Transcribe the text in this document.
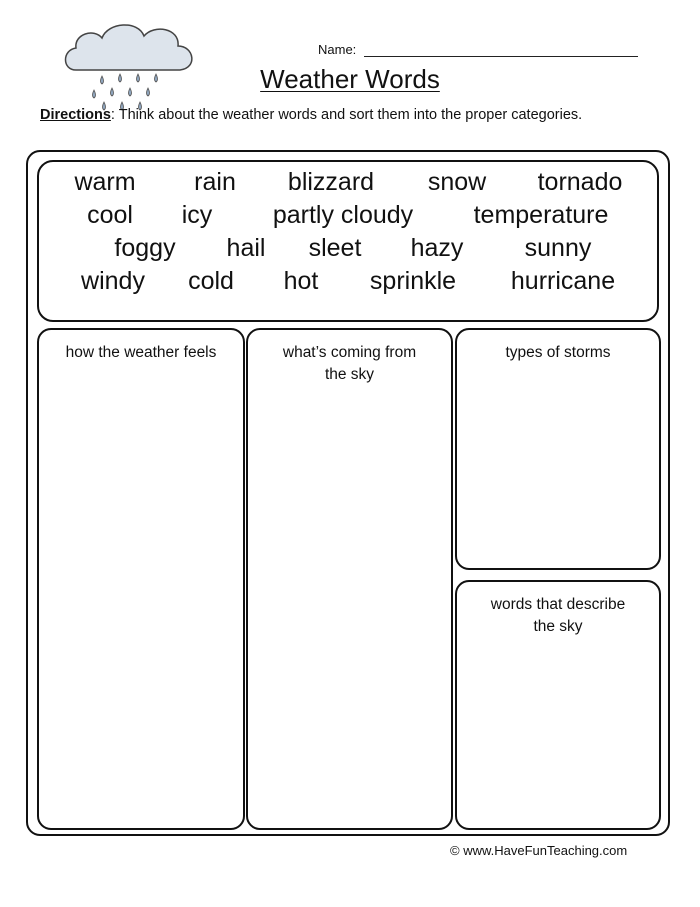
Name:
Weather Words
Directions: Think about the weather words and sort them into the proper categories.
warm rain blizzard snow tornado
cool icy partly cloudy temperature
foggy hail sleet hazy sunny
windy cold hot sprinkle hurricane
how the weather feels	what’s coming from the sky
types of storms
words that describe the sky
© www.HaveFunTeaching.com
